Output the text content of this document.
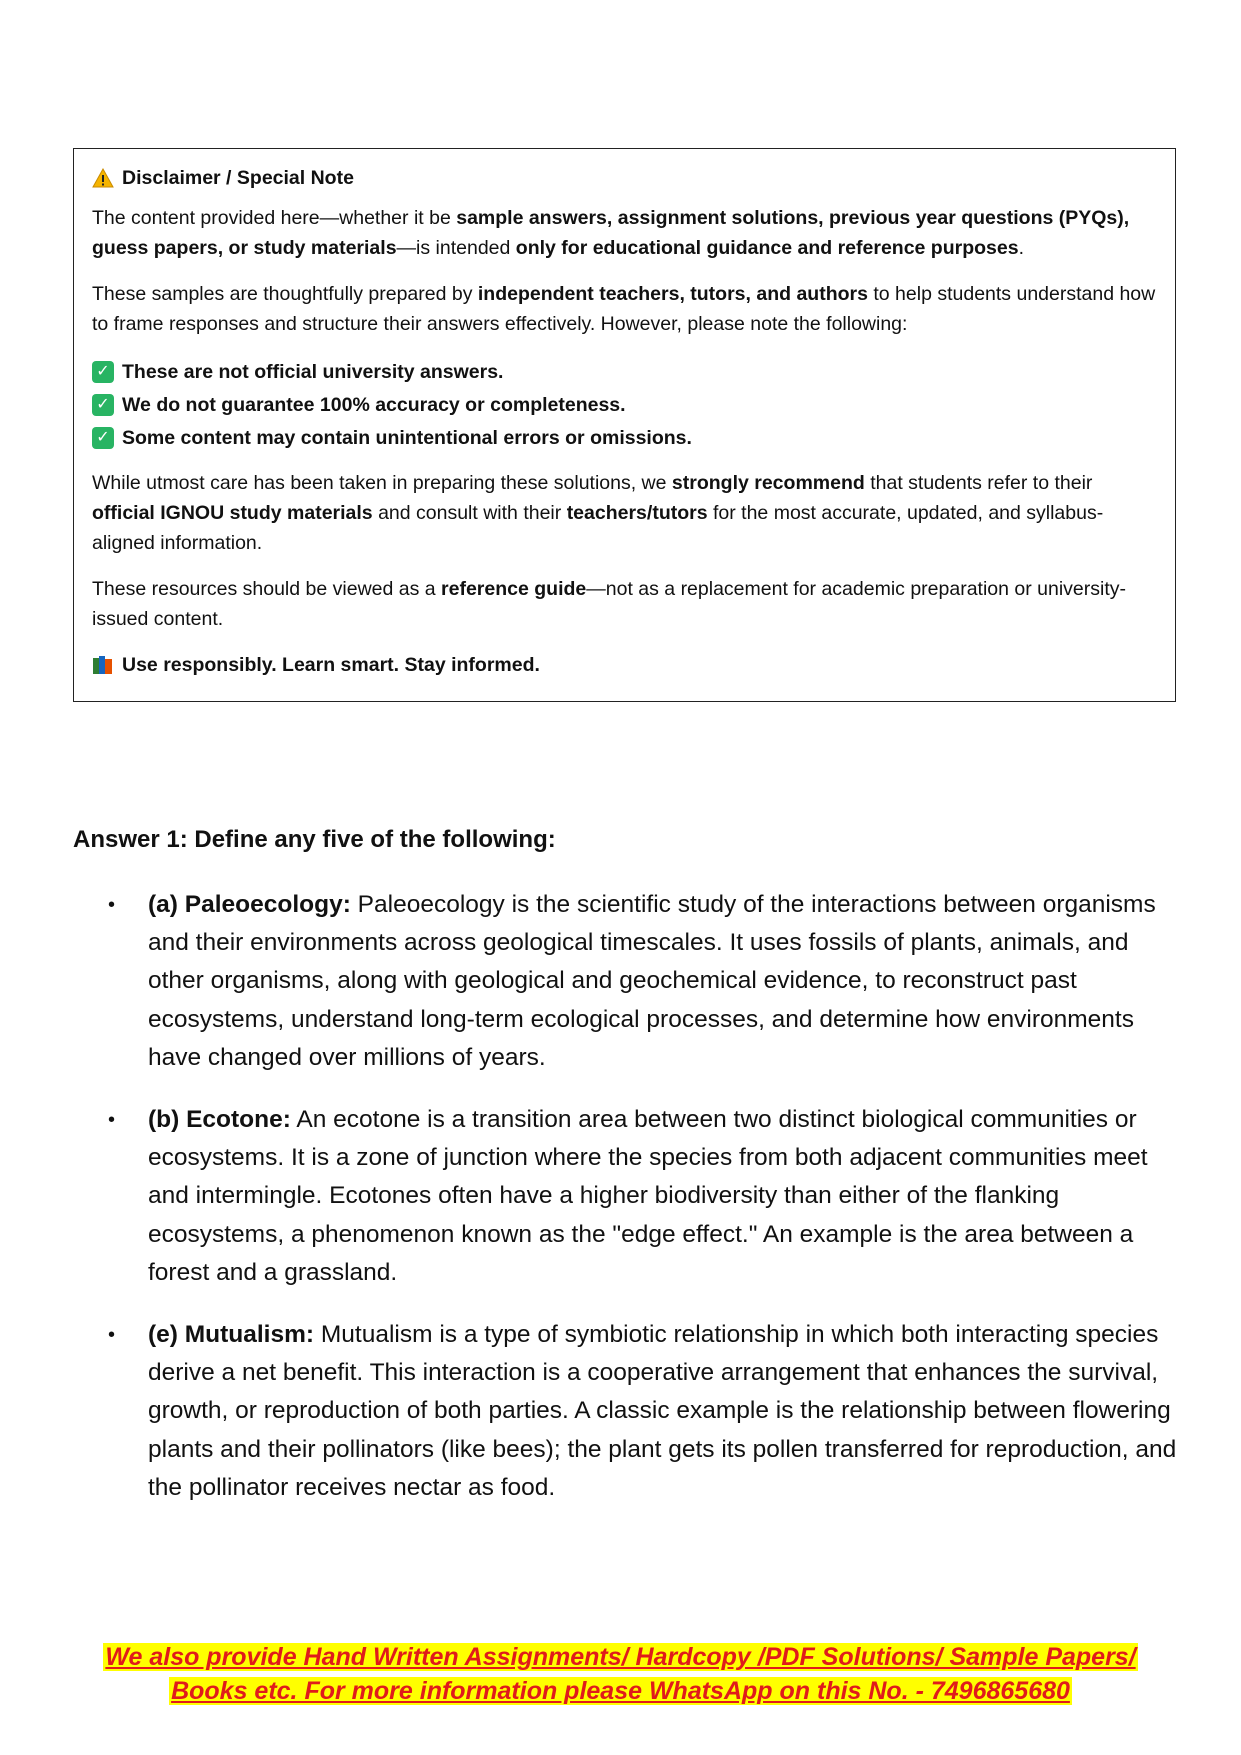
Disclaimer / Special Note

The content provided here—whether it be sample answers, assignment solutions, previous year questions (PYQs), guess papers, or study materials—is intended only for educational guidance and reference purposes.

These samples are thoughtfully prepared by independent teachers, tutors, and authors to help students understand how to frame responses and structure their answers effectively. However, please note the following:

✓ These are not official university answers.
✓ We do not guarantee 100% accuracy or completeness.
✓ Some content may contain unintentional errors or omissions.

While utmost care has been taken in preparing these solutions, we strongly recommend that students refer to their official IGNOU study materials and consult with their teachers/tutors for the most accurate, updated, and syllabus-aligned information.

These resources should be viewed as a reference guide—not as a replacement for academic preparation or university-issued content.

Use responsibly. Learn smart. Stay informed.

Answer 1: Define any five of the following:
• (a) Paleoecology: Paleoecology is the scientific study of the interactions between organisms and their environments across geological timescales. It uses fossils of plants, animals, and other organisms, along with geological and geochemical evidence, to reconstruct past ecosystems, understand long-term ecological processes, and determine how environments have changed over millions of years.
• (b) Ecotone: An ecotone is a transition area between two distinct biological communities or ecosystems. It is a zone of junction where the species from both adjacent communities meet and intermingle. Ecotones often have a higher biodiversity than either of the flanking ecosystems, a phenomenon known as the "edge effect." An example is the area between a forest and a grassland.
• (e) Mutualism: Mutualism is a type of symbiotic relationship in which both interacting species derive a net benefit. This interaction is a cooperative arrangement that enhances the survival, growth, or reproduction of both parties. A classic example is the relationship between flowering plants and their pollinators (like bees); the plant gets its pollen transferred for reproduction, and the pollinator receives nectar as food.
We also provide Hand Written Assignments/ Hardcopy /PDF Solutions/ Sample Papers/
Books etc. For more information please WhatsApp on this No. - 7496865680
